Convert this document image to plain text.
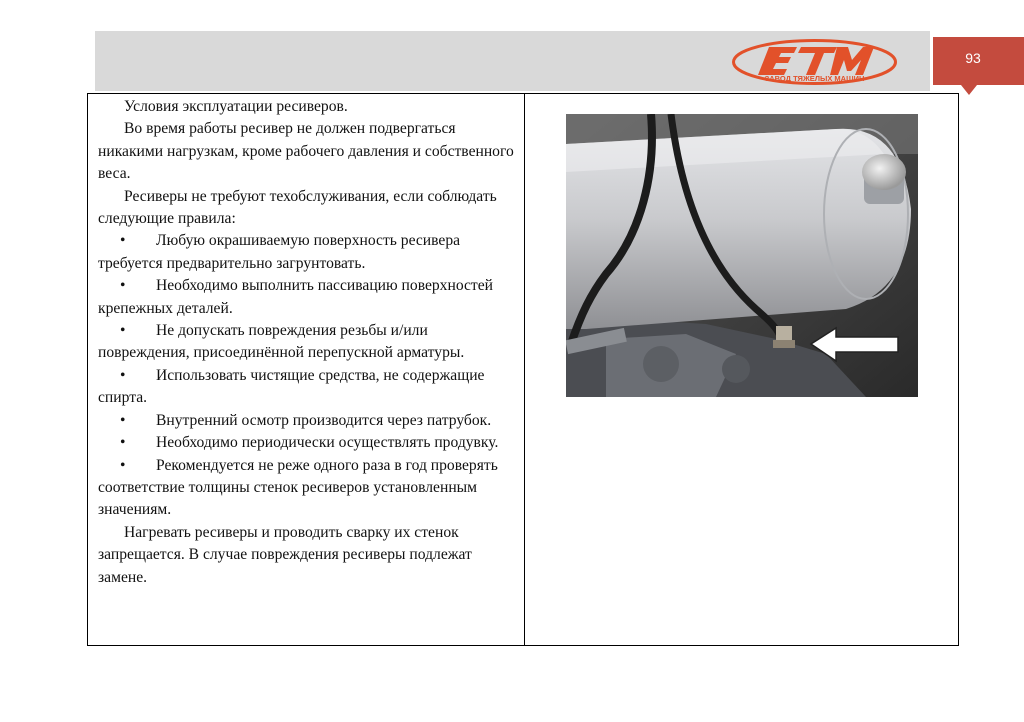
ЗАВОД ТЯЖЕЛЫХ МАШИН
93

Условия эксплуатации ресиверов.

Во время работы ресивер не должен подвергаться никакими нагрузкам, кроме рабочего давления и собственного веса.

Ресиверы не требуют техобслуживания, если соблюдать следующие правила:

• Любую окрашиваемую поверхность ресивера требуется предварительно загрунтовать.

• Необходимо выполнить пассивацию поверхностей крепежных деталей.

• Не допускать повреждения резьбы и/или повреждения, присоединённой перепускной арматуры.

• Использовать чистящие средства, не содержащие спирта.

• Внутренний осмотр производится через патрубок.

• Необходимо периодически осуществлять продувку.

• Рекомендуется не реже одного раза в год проверять соответствие толщины стенок ресиверов установленным значениям.

Нагревать ресиверы и проводить сварку их стенок запрещается. В случае повреждения ресиверы подлежат замене.
